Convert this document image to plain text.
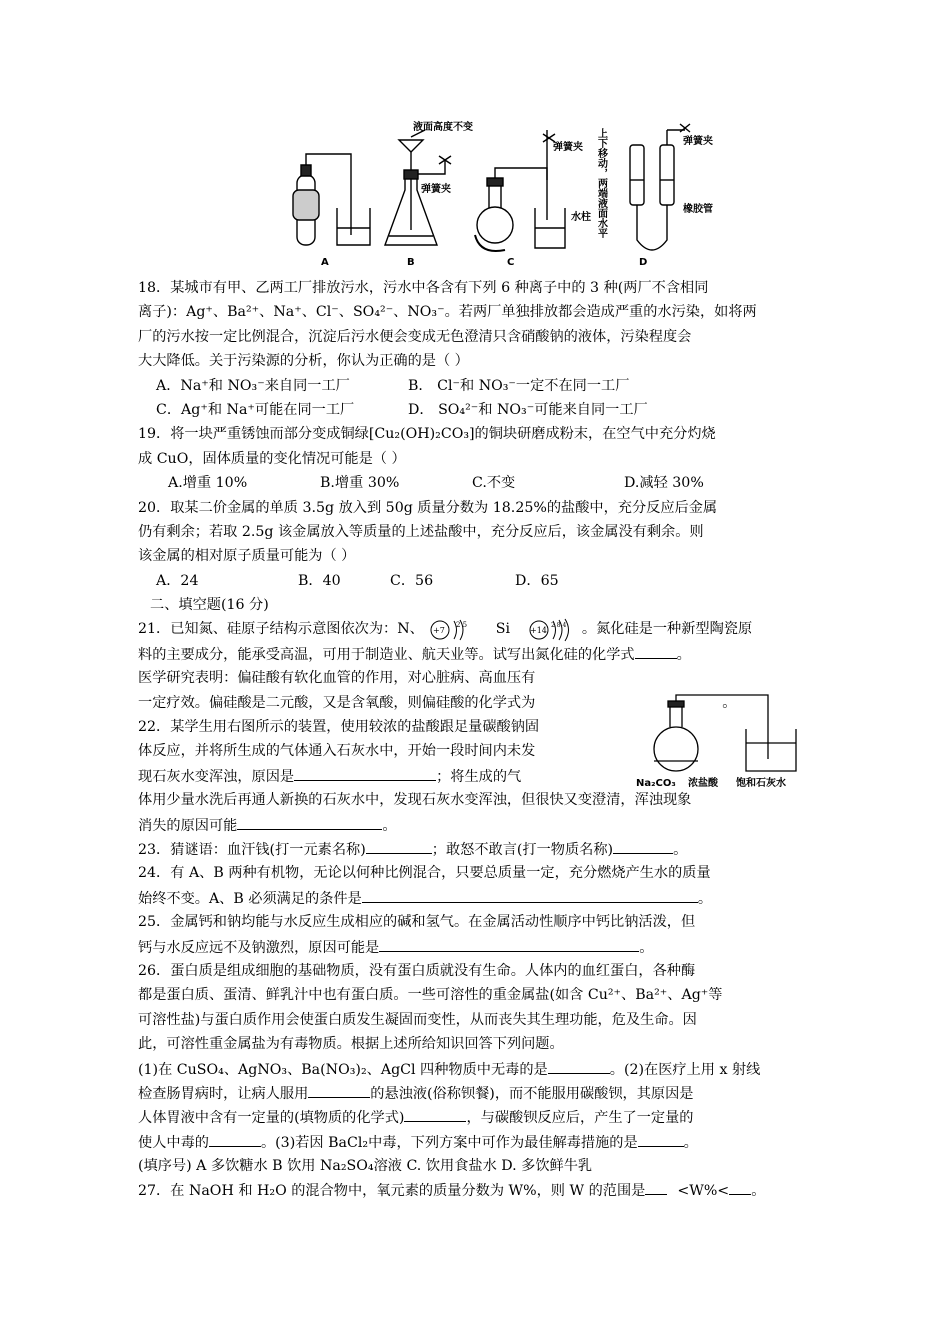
A	B	C	D
液面高度不变
弹簧夹
弹簧夹
水柱
弹簧夹
橡胶管
上下移动，两端液面水平
Na₂CO₃ 浓盐酸 饱和石灰水
18．某城市有甲、乙两工厂排放污水，污水中各含有下列 6 种离子中的 3 种(两厂不含相同
离子)：Ag⁺、Ba²⁺、Na⁺、Cl⁻、SO₄²⁻、NO₃⁻。若两厂单独排放都会造成严重的水污染，如将两
厂的污水按一定比例混合，沉淀后污水便会变成无色澄清只含硝酸钠的液体，污染程度会
大大降低。关于污染源的分析，你认为正确的是（ ）
A．Na⁺和 NO₃⁻来自同一工厂	B． Cl⁻和 NO₃⁻一定不在同一工厂
C．Ag⁺和 Na⁺可能在同一工厂	D． SO₄²⁻和 NO₃⁻可能来自同一工厂
19．将一块严重锈蚀而部分变成铜绿[Cu₂(OH)₂CO₃]的铜块研磨成粉末，在空气中充分灼烧
成 CuO，固体质量的变化情况可能是（ ）
A.增重 10%	B.增重 30%	C.不变	D.减轻 30%
20．取某二价金属的单质 3.5g 放入到 50g 质量分数为 18.25%的盐酸中，充分反应后金属
仍有剩余；若取 2.5g 该金属放入等质量的上述盐酸中，充分反应后，该金属没有剩余。则
该金属的相对原子质量可能为（ ）
A．24	B．40	C．56	D．65
二、填空题(16 分)
21．已知氮、硅原子结构示意图依次为：N、 +7
2 5 Si	+14
2 8 4 。氮化硅是一种新型陶瓷原
料的主要成分，能承受高温，可用于制造业、航天业等。试写出氮化硅的化学式	。
医学研究表明：偏硅酸有软化血管的作用，对心脏病、高血压有
一定疗效。偏硅酸是二元酸，又是含氧酸，则偏硅酸的化学式为	。
22．某学生用右图所示的装置，使用较浓的盐酸跟足量碳酸钠固
体反应，并将所生成的气体通入石灰水中，开始一段时间内未发
现石灰水变浑浊，原因是	；将生成的气
体用少量水洗后再通人新换的石灰水中，发现石灰水变浑浊，但很快又变澄清，浑浊现象
消失的原因可能	。
23．猜谜语：血汗钱(打一元素名称)	；敢怒不敢言(打一物质名称)	。
24．有 A、B 两种有机物，无论以何种比例混合，只要总质量一定，充分燃烧产生水的质量
始终不变。A、B 必须满足的条件是	。
25．金属钙和钠均能与水反应生成相应的碱和氢气。在金属活动性顺序中钙比钠活泼，但
钙与水反应远不及钠激烈，原因可能是	。
26．蛋白质是组成细胞的基础物质，没有蛋白质就没有生命。人体内的血红蛋白，各种酶
都是蛋白质、蛋清、鲜乳汁中也有蛋白质。一些可溶性的重金属盐(如含 Cu²⁺、Ba²⁺、Ag⁺等
可溶性盐)与蛋白质作用会使蛋白质发生凝固而变性，从而丧失其生理功能，危及生命。因
此，可溶性重金属盐为有毒物质。根据上述所给知识回答下列问题。
(1)在 CuSO₄、AgNO₃、Ba(NO₃)₂、AgCl 四种物质中无毒的是	。(2)在医疗上用 x 射线
检查肠胃病时，让病人服用	的悬浊液(俗称钡餐)，而不能服用碳酸钡，其原因是
人体胃液中含有一定量的(填物质的化学式)	，与碳酸钡反应后，产生了一定量的
使人中毒的	。(3)若因 BaCl₂中毒，下列方案中可作为最佳解毒措施的是	。
(填序号) A 多饮糖水 B 饮用 Na₂SO₄溶液 C. 饮用食盐水 D. 多饮鲜牛乳
27．在 NaOH 和 H₂O 的混合物中，氧元素的质量分数为 W%，则 W 的范围是 <W%< 。
